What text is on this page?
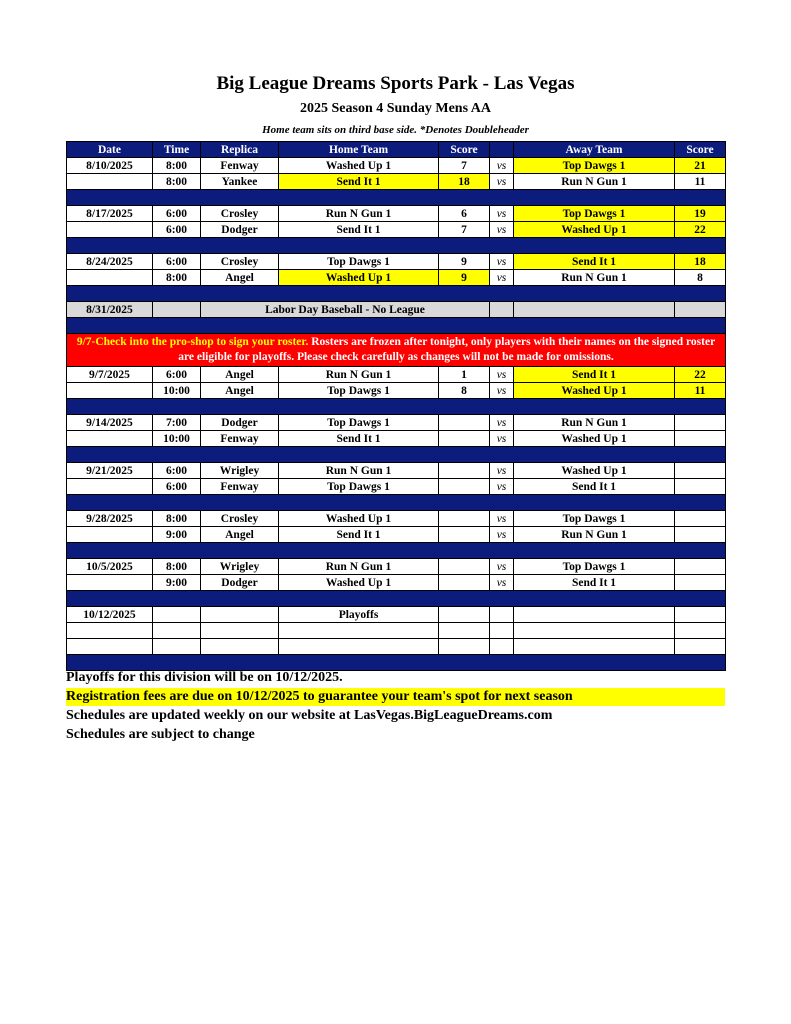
Big League Dreams Sports Park - Las Vegas
2025 Season 4 Sunday Mens AA
Home team sits on third base side. *Denotes Doubleheader
Date	Time	Replica	Home Team	Score		Away Team	Score
8/10/2025	8:00	Fenway	Washed Up 1	7	vs	Top Dawgs 1	21
	8:00	Yankee	Send It 1	18	vs	Run N Gun 1	11

8/17/2025	6:00	Crosley	Run N Gun 1	6	vs	Top Dawgs 1	19
	6:00	Dodger	Send It 1	7	vs	Washed Up 1	22

8/24/2025	6:00	Crosley	Top Dawgs 1	9	vs	Send It 1	18
	8:00	Angel	Washed Up 1	9	vs	Run N Gun 1	8

8/31/2025		Labor Day Baseball - No League					

9/7-Check into the pro-shop to sign your roster. Rosters are frozen after tonight, only players with their names on the signed roster are eligible for playoffs. Please check carefully as changes will not be made for omissions.							
9/7/2025	6:00	Angel	Run N Gun 1	1	vs	Send It 1	22
	10:00	Angel	Top Dawgs 1	8	vs	Washed Up 1	11

9/14/2025	7:00	Dodger	Top Dawgs 1		vs	Run N Gun 1	
	10:00	Fenway	Send It 1		vs	Washed Up 1	

9/21/2025	6:00	Wrigley	Run N Gun 1		vs	Washed Up 1	
	6:00	Fenway	Top Dawgs 1		vs	Send It 1	

9/28/2025	8:00	Crosley	Washed Up 1		vs	Top Dawgs 1	
	9:00	Angel	Send It 1		vs	Run N Gun 1	

10/5/2025	8:00	Wrigley	Run N Gun 1		vs	Top Dawgs 1	
	9:00	Dodger	Washed Up 1		vs	Send It 1	

10/12/2025			Playoffs				

Playoffs for this division will be on 10/12/2025.
Registration fees are due on 10/12/2025 to guarantee your team's spot for next season
Schedules are updated weekly on our website at LasVegas.BigLeagueDreams.com
Schedules are subject to change
